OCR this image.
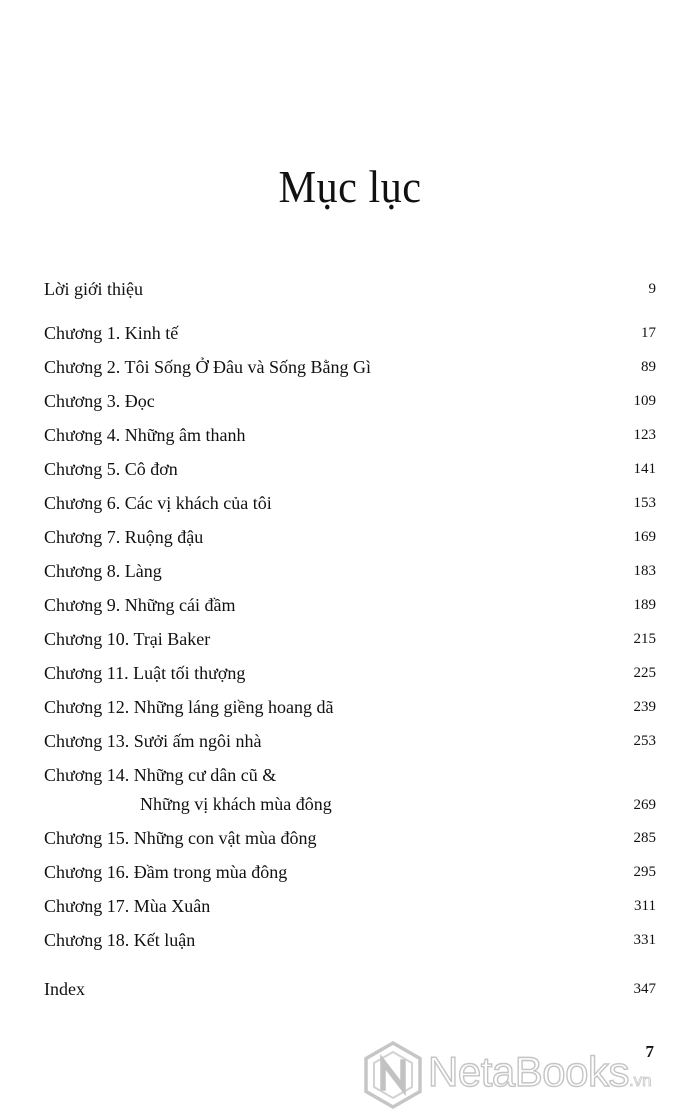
Mục lục
Lời giới thiệu	9
Chương 1. Kinh tế	17
Chương 2. Tôi Sống Ở Đâu và Sống Bằng Gì	89
Chương 3. Đọc	109
Chương 4. Những âm thanh	123
Chương 5. Cô đơn	141
Chương 6. Các vị khách của tôi	153
Chương 7. Ruộng đậu	169
Chương 8. Làng	183
Chương 9. Những cái đầm	189
Chương 10. Trại Baker	215
Chương 11. Luật tối thượng	225
Chương 12. Những láng giềng hoang dã	239
Chương 13. Sưởi ấm ngôi nhà	253
Chương 14. Những cư dân cũ &
Những vị khách mùa đông	269
Chương 15. Những con vật mùa đông	285
Chương 16. Đầm trong mùa đông	295
Chương 17. Mùa Xuân	311
Chương 18. Kết luận	331
Index	347
NetaBooks.vn
7
